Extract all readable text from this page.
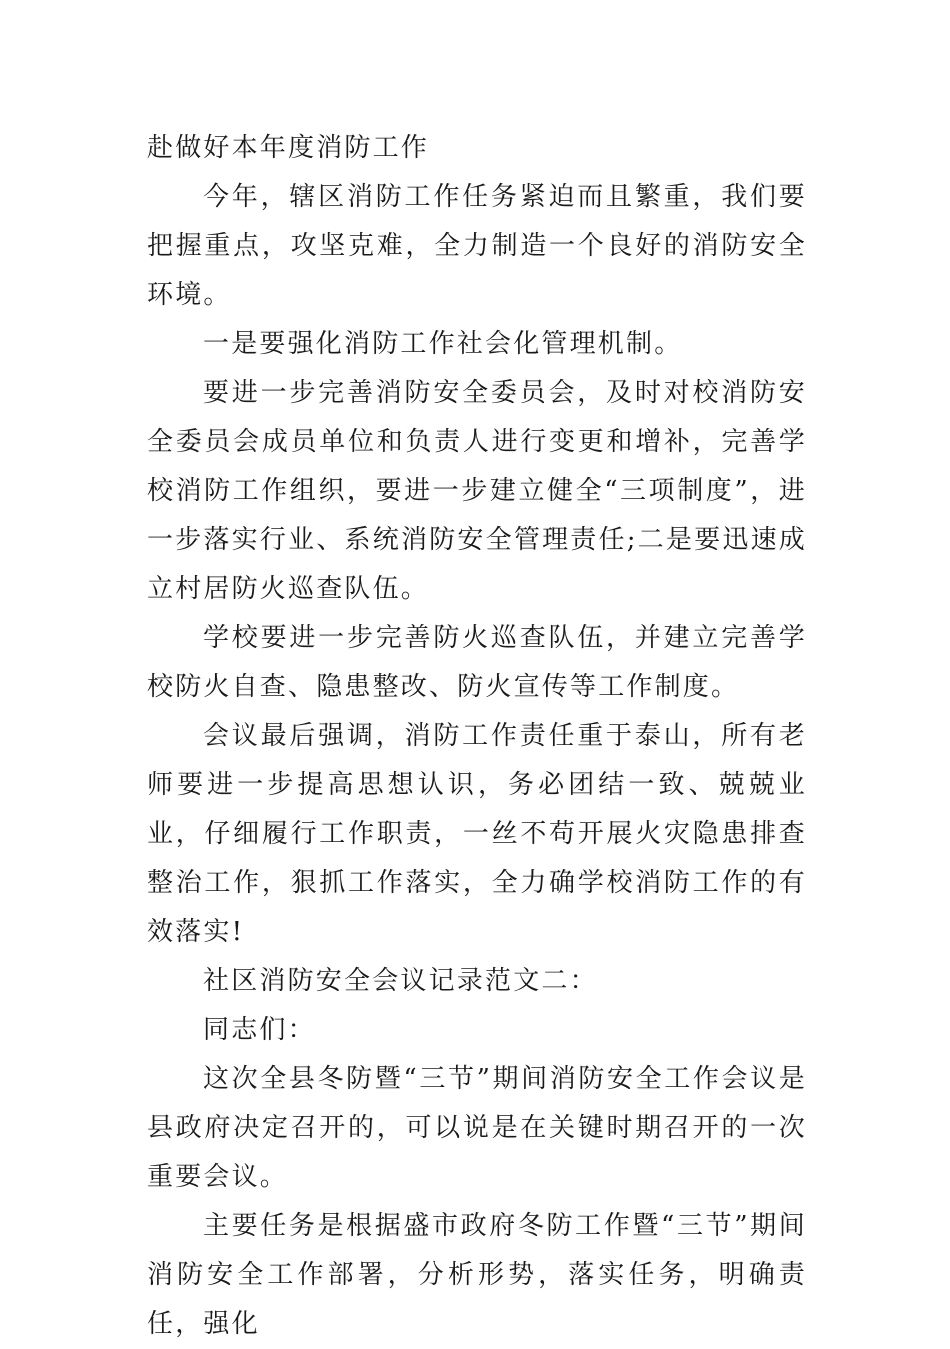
赴做好本年度消防工作

今年，辖区消防工作任务紧迫而且繁重，我们要把握重点，攻坚克难，全力制造一个良好的消防安全环境。

一是要强化消防工作社会化管理机制。

要进一步完善消防安全委员会，及时对校消防安全委员会成员单位和负责人进行变更和增补，完善学校消防工作组织，要进一步建立健全“三项制度”，进一步落实行业、系统消防安全管理责任;二是要迅速成立村居防火巡查队伍。

学校要进一步完善防火巡查队伍，并建立完善学校防火自查、隐患整改、防火宣传等工作制度。

会议最后强调，消防工作责任重于泰山，所有老师要进一步提高思想认识，务必团结一致、兢兢业业，仔细履行工作职责，一丝不苟开展火灾隐患排查整治工作，狠抓工作落实，全力确学校消防工作的有效落实!

社区消防安全会议记录范文二：

同志们：

这次全县冬防暨“三节”期间消防安全工作会议是县政府决定召开的，可以说是在关键时期召开的一次重要会议。

主要任务是根据盛市政府冬防工作暨“三节”期间消防安全工作部署，分析形势，落实任务，明确责任，强化
